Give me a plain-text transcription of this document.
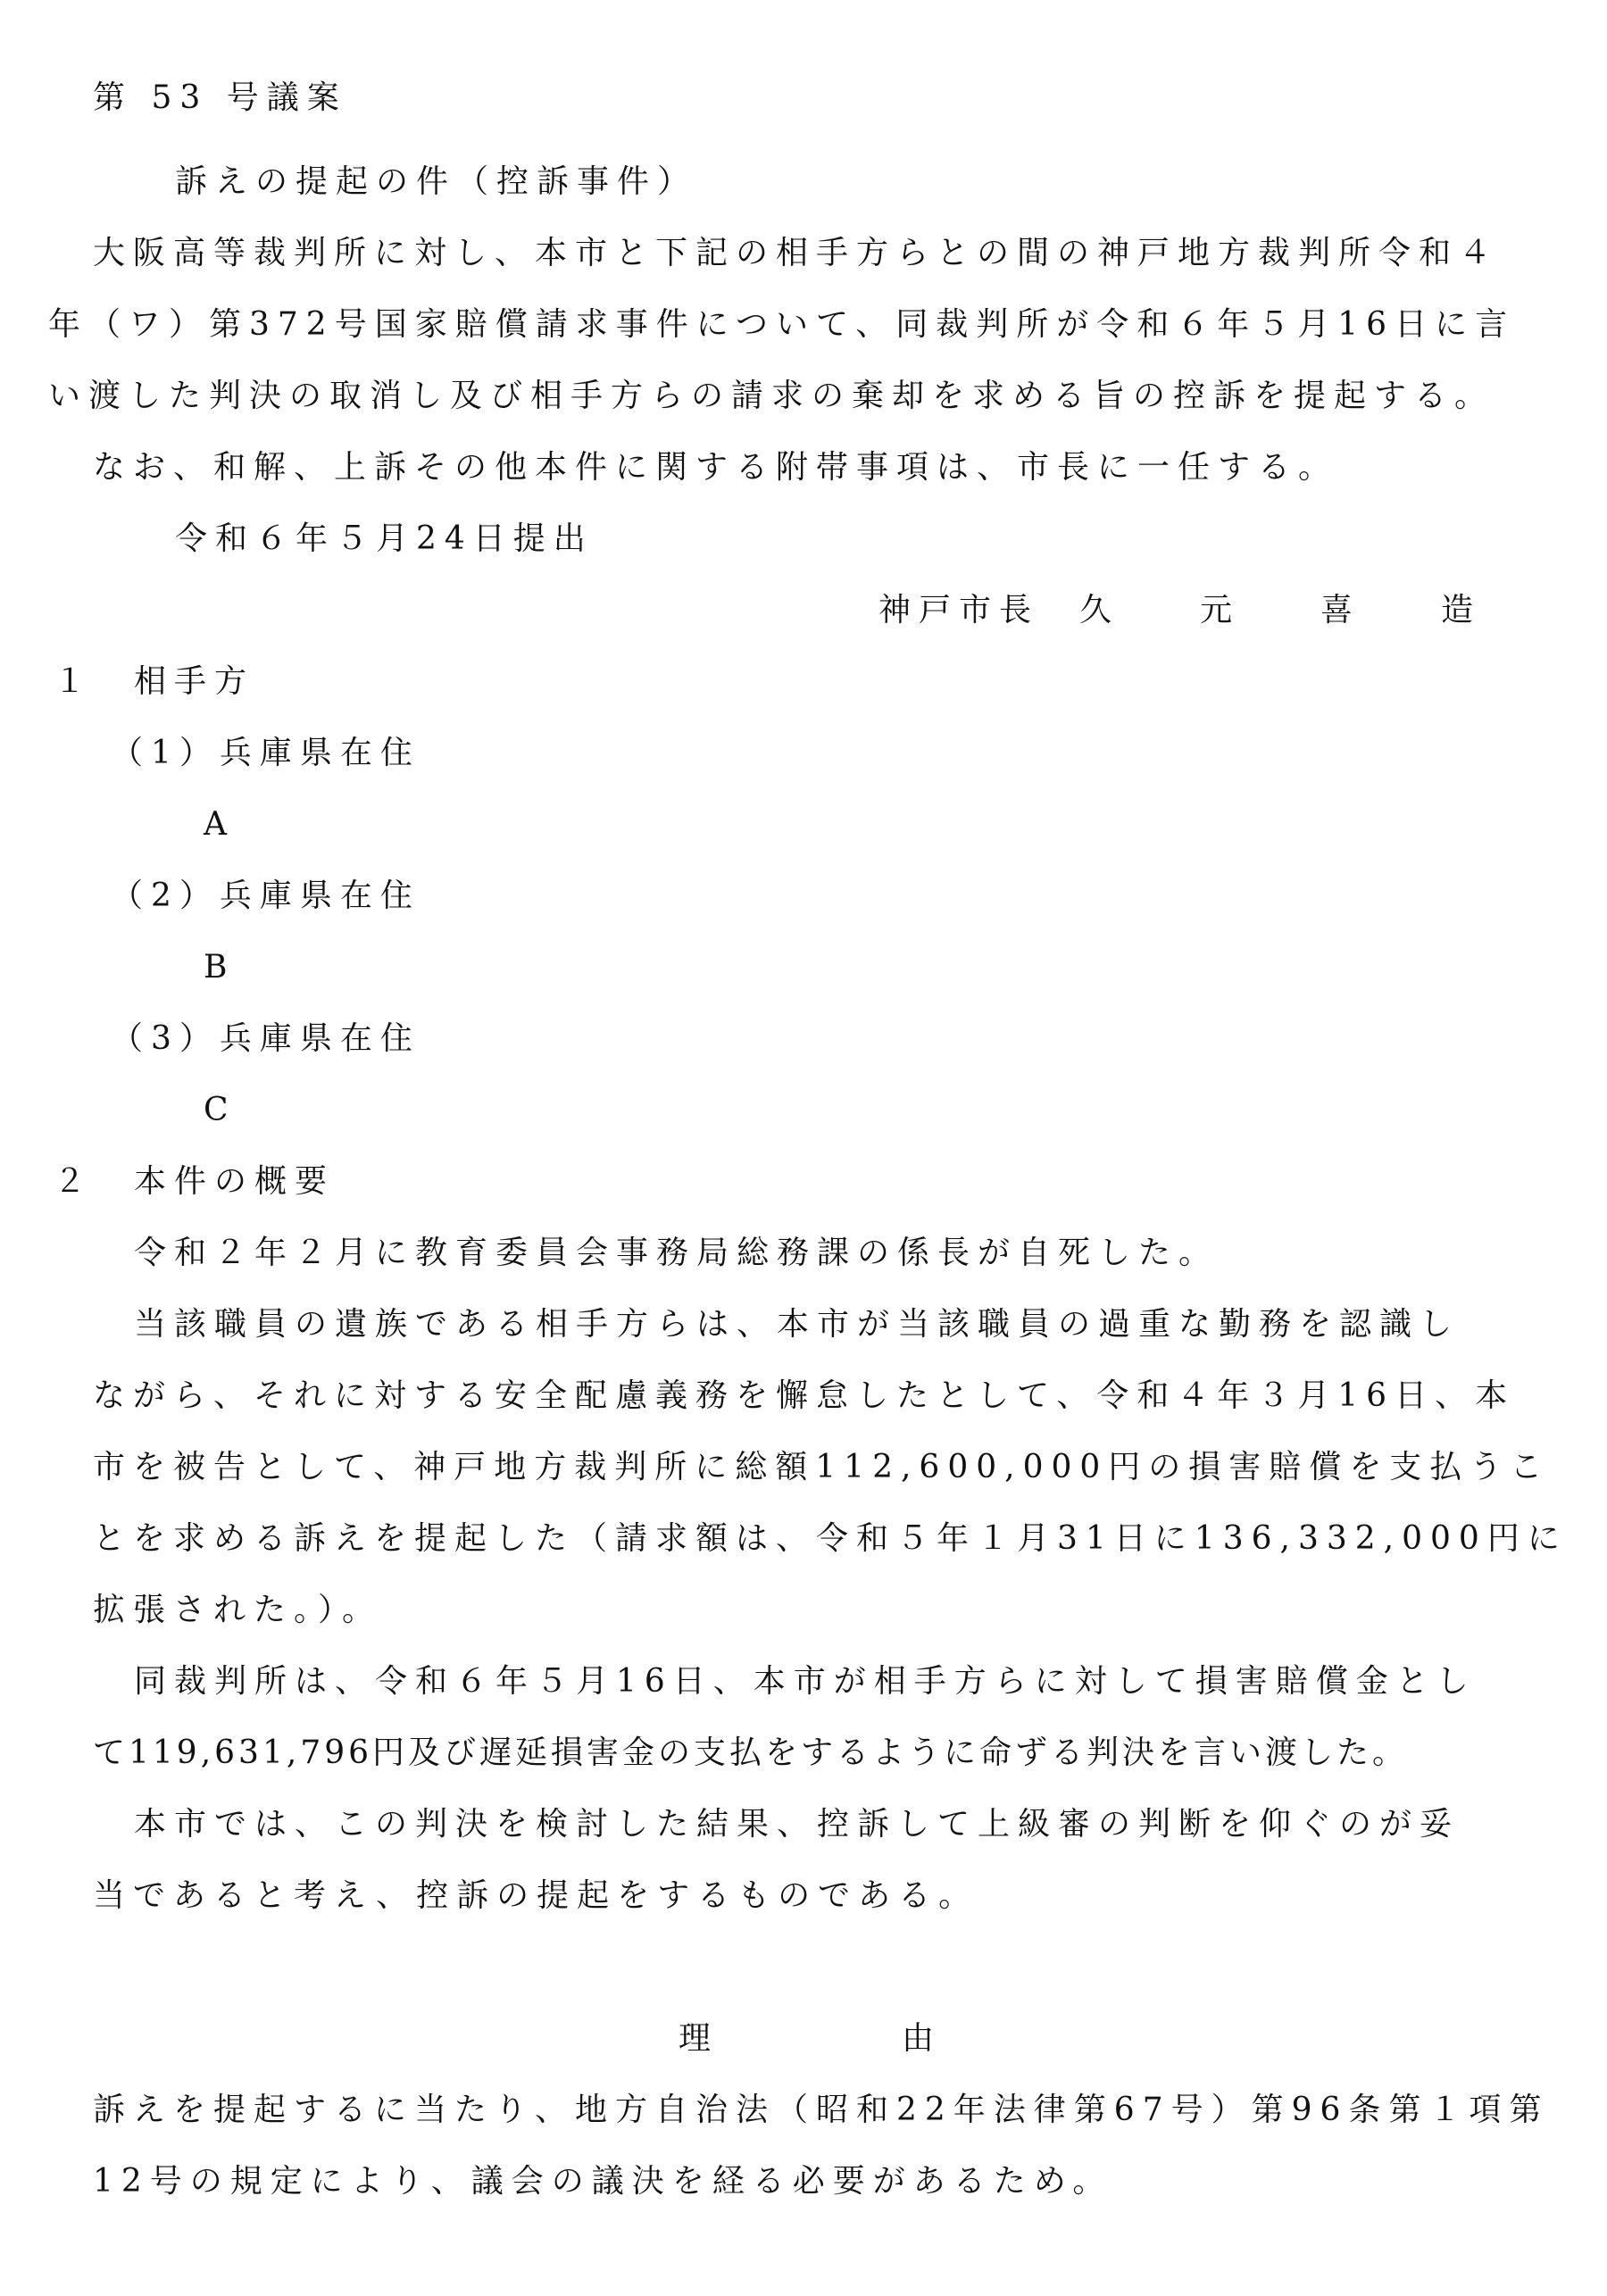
第 53 号議案
訴えの提起の件（控訴事件）
大阪高等裁判所に対し、本市と下記の相手方らとの間の神戸地方裁判所令和４
年（ワ）第372号国家賠償請求事件について、同裁判所が令和６年５月16日に言
い渡した判決の取消し及び相手方らの請求の棄却を求める旨の控訴を提起する。
なお、和解、上訴その他本件に関する附帯事項は、市長に一任する。
令和６年５月24日提出
神戸市長　久　　元　　喜　　造
１　相手方
（1）兵庫県在住
A
（2）兵庫県在住
B
（3）兵庫県在住
C
２　本件の概要
令和２年２月に教育委員会事務局総務課の係長が自死した。
当該職員の遺族である相手方らは、本市が当該職員の過重な勤務を認識し
ながら、それに対する安全配慮義務を懈怠したとして、令和４年３月16日、本
市を被告として、神戸地方裁判所に総額112,600,000円の損害賠償を支払うこ
とを求める訴えを提起した（請求額は、令和５年１月31日に136,332,000円に
拡張された。）。
同裁判所は、令和６年５月16日、本市が相手方らに対して損害賠償金とし
て119,631,796円及び遅延損害金の支払をするように命ずる判決を言い渡した。
本市では、この判決を検討した結果、控訴して上級審の判断を仰ぐのが妥
当であると考え、控訴の提起をするものである。
理　　　　由
訴えを提起するに当たり、地方自治法（昭和22年法律第67号）第96条第１項第
12号の規定により、議会の議決を経る必要があるため。
